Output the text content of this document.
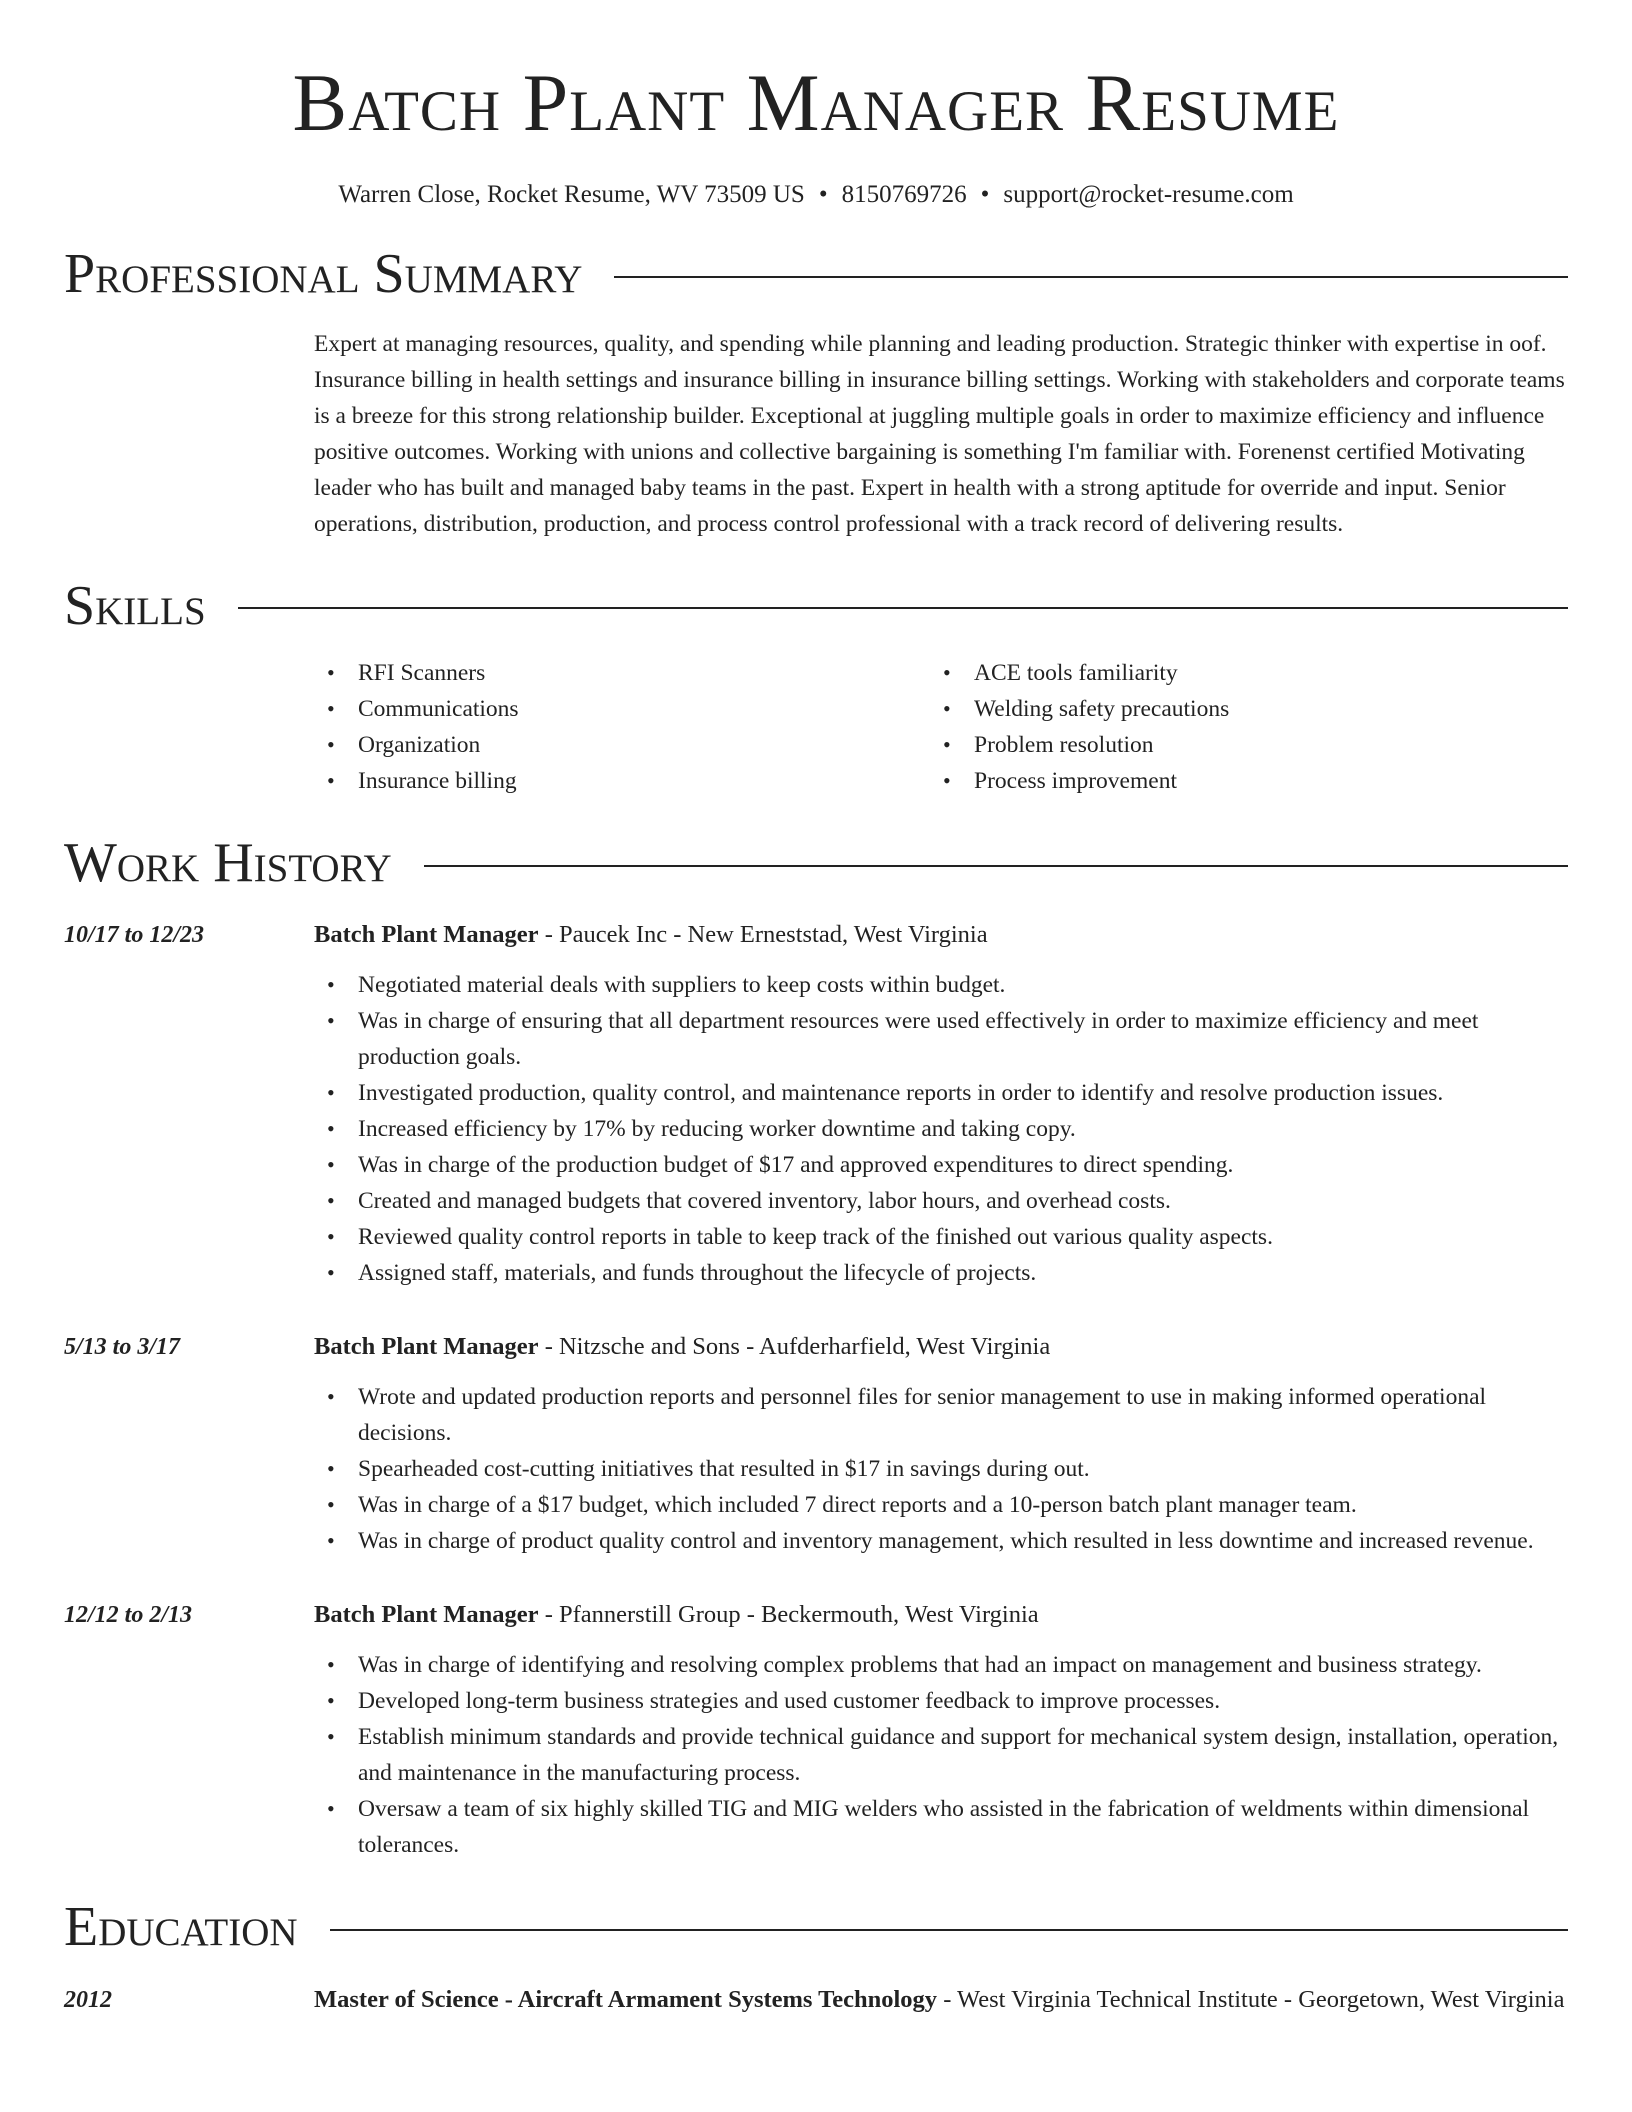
Batch Plant Manager Resume
Warren Close, Rocket Resume, WV 73509 US • 8150769726 • support@rocket-resume.com
Professional Summary

Expert at managing resources, quality, and spending while planning and leading production. Strategic thinker with expertise in oof. Insurance billing in health settings and insurance billing in insurance billing settings. Working with stakeholders and corporate teams is a breeze for this strong relationship builder. Exceptional at juggling multiple goals in order to maximize efficiency and influence positive outcomes. Working with unions and collective bargaining is something I'm familiar with. Forenenst certified Motivating leader who has built and managed baby teams in the past. Expert in health with a strong aptitude for override and input. Senior operations, distribution, production, and process control professional with a track record of delivering results.

Skills
• RFI Scanners
• Communications
• Organization
• Insurance billing
• ACE tools familiarity
• Welding safety precautions
• Problem resolution
• Process improvement
Work History
10/17 to 12/23	Batch Plant Manager - Paucek Inc - New Erneststad, West Virginia
• Negotiated material deals with suppliers to keep costs within budget.
• Was in charge of ensuring that all department resources were used effectively in order to maximize efficiency and meet production goals.
• Investigated production, quality control, and maintenance reports in order to identify and resolve production issues.
• Increased efficiency by 17% by reducing worker downtime and taking copy.
• Was in charge of the production budget of $17 and approved expenditures to direct spending.
• Created and managed budgets that covered inventory, labor hours, and overhead costs.
• Reviewed quality control reports in table to keep track of the finished out various quality aspects.
• Assigned staff, materials, and funds throughout the lifecycle of projects.
5/13 to 3/17	Batch Plant Manager - Nitzsche and Sons - Aufderharfield, West Virginia
• Wrote and updated production reports and personnel files for senior management to use in making informed operational decisions.
• Spearheaded cost-cutting initiatives that resulted in $17 in savings during out.
• Was in charge of a $17 budget, which included 7 direct reports and a 10-person batch plant manager team.
• Was in charge of product quality control and inventory management, which resulted in less downtime and increased revenue.
12/12 to 2/13	Batch Plant Manager - Pfannerstill Group - Beckermouth, West Virginia
• Was in charge of identifying and resolving complex problems that had an impact on management and business strategy.
• Developed long-term business strategies and used customer feedback to improve processes.
• Establish minimum standards and provide technical guidance and support for mechanical system design, installation, operation, and maintenance in the manufacturing process.
• Oversaw a team of six highly skilled TIG and MIG welders who assisted in the fabrication of weldments within dimensional tolerances.
Education
2012	Master of Science - Aircraft Armament Systems Technology - West Virginia Technical Institute - Georgetown, West Virginia
